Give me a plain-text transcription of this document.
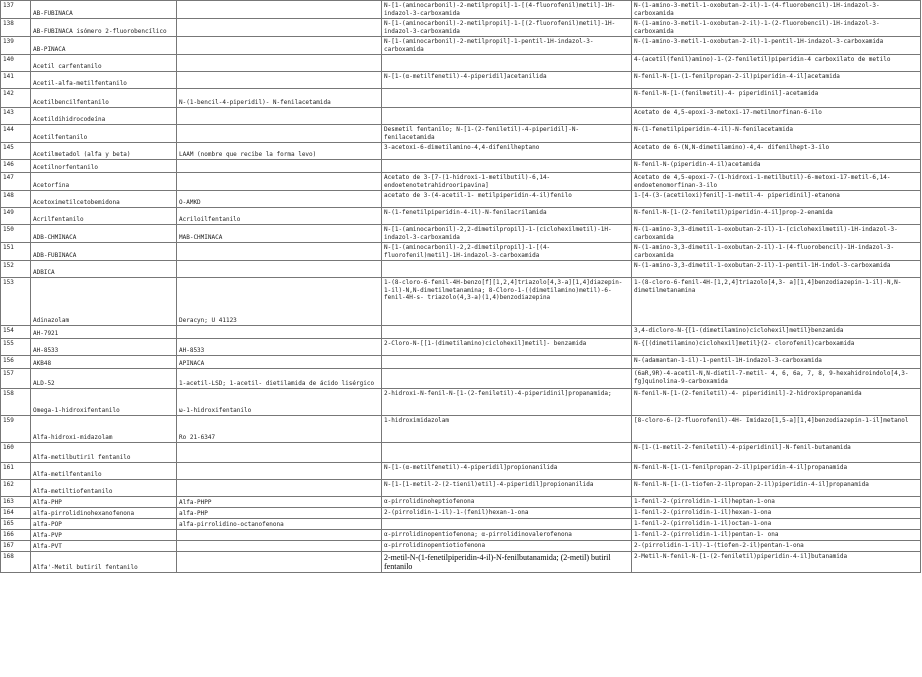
137	AB-FUBINACA		N-[1-(aminocarbonil)-2-metilpropil]-1-[(4-fluorofenil)metil]-1H-indazol-3-carboxamida	N-(1-amino-3-metil-1-oxobutan-2-il)-1-(4-fluorobencil)-1H-indazol-3-carboxamida
138	AB-FUBINACA isómero 2-fluorobencílico		N-[1-(aminocarbonil)-2-metilpropil]-1-[(2-fluorofenil)metil]-1H-indazol-3-carboxamida	N-(1-amino-3-metil-1-oxobutan-2-il)-1-(2-fluorobencil)-1H-indazol-3-carboxamida
139	AB-PINACA		N-[1-(aminocarbonil)-2-metilpropil]-1-pentil-1H-indazol-3-carboxamida	N-(1-amino-3-metil-1-oxobutan-2-il)-1-pentil-1H-indazol-3-carboxamida
140	Acetil carfentanilo			4-(acetil(fenil)amino)-1-(2-feniletil)piperidin-4 carboxilato de metilo
141	Acetil-alfa-metilfentanilo		N-[1-(α-metilfenetil)-4-piperidil]acetanilida	N-fenil-N-[1-(1-fenilpropan-2-il)piperidin-4-il]acetamida
142	Acetilbencilfentanilo	N-(1-bencil-4-piperidil)- N-fenilacetamida		N-fenil-N-[1-(fenilmetil)-4- piperidinil]-acetamida
143	Acetildihidrocodeína			Acetato de 4,5-epoxi-3-metoxi-17-metilmorfinan-6-ilo
144	Acetilfentanilo		Desmetil fentanilo; N-[1-(2-feniletil)-4-piperidil]-N-fenilacetamida	N-(1-fenetilpiperidin-4-il)-N-fenilacetamida
145	Acetilmetadol (alfa y beta)	LAAM (nombre que recibe la forma levo)	3-acetoxi-6-dimetilamino-4,4-difenilheptano	Acetato de 6-(N,N-dimetilamino)-4,4- difenilhept-3-ilo
146	Acetilnorfentanilo			N-fenil-N-(piperidin-4-il)acetamida
147	Acetorfina		Acetato de 3-[7-(1-hidroxi-1-metilbutil)-6,14-endoetenotetrahidrooripavina]	Acetato de 4,5-epoxi-7-(1-hidroxi-1-metilbutil)-6-metoxi-17-metil-6,14-endoetenomorfinan-3-ilo
148	Acetoximetilcetobemidona	O-AMKD	acetato de 3-(4-acetil-1- metilpiperidin-4-il)fenilo	1-[4-(3-(acetiloxi)fenil]-1-metil-4- piperidinil]-etanona
149	Acrilfentanilo	Acriloilfentanilo	N-(1-fenetilpiperidin-4-il)-N-fenilacrilamida	N-fenil-N-[1-(2-feniletil)piperidin-4-il]prop-2-enamida
150	ADB-CHMINACA	MAB-CHMINACA	N-[1-(aminocarbonil)-2,2-dimetilpropil]-1-(ciclohexilmetil)-1H-indazol-3-carboxamida	N-(1-amino-3,3-dimetil-1-oxobutan-2-il)-1-(ciclohexilmetil)-1H-indazol-3-carboxamida
151	ADB-FUBINACA		N-[1-(aminocarbonil)-2,2-dimetilpropil]-1-[(4-fluorofenil)metil]-1H-indazol-3-carboxamida	N-(1-amino-3,3-dimetil-1-oxobutan-2-il)-1-(4-fluorobencil)-1H-indazol-3-carboxamida
152	ADBICA			N-(1-amino-3,3-dimetil-1-oxobutan-2-il)-1-pentil-1H-indol-3-carboxamida
153	Adinazolam	Deracyn; U 41123	1-(8-cloro-6-fenil-4H-benzo[f][1,2,4]triazolo[4,3-a][1,4]diazepin-1-il)-N,N-dimetilmetanamina; 8-Cloro-1-((dimetilamino)metil)-6-fenil-4H-s- triazolo(4,3-a)(1,4)benzodiazepina	1-(8-cloro-6-fenil-4H-[1,2,4]triazolo[4,3- a][1,4]benzodiazepin-1-il)-N,N- dimetilmetanamina
154	AH-7921			3,4-dicloro-N-{[1-(dimetilamino)ciclohexil]metil}benzamida
155	AH-8533	AH-8533	2-Cloro-N-[[1-(dimetilamino)ciclohexil]metil]- benzamida	N-{[(dimetilamino)ciclohexil]metil}(2- clorofenil)carboxamida
156	AKB48	APINACA		N-(adamantan-1-il)-1-pentil-1H-indazol-3-carboxamida
157	ALD-52	1-acetil-LSD; 1-acetil- dietilamida de ácido lisérgico		(6aR,9R)-4-acetil-N,N-dietil-7-metil- 4, 6, 6a, 7, 8, 9-hexahidroindolo[4,3-fg]quinolina-9-carboxamida
158	Omega-1-hidroxifentanilo	ω-1-hidroxifentanilo	2-hidroxi-N-fenil-N-[1-(2-feniletil)-4-piperidinil]propanamida;	N-fenil-N-[1-(2-feniletil)-4- piperidinil]-2-hidroxipropanamida
159	Alfa-hidroxi-midazolam	Ro 21-6347	1-hidroximidazolam	[8-cloro-6-(2-fluorofenil)-4H- Imidazo[1,5-a][1,4]benzodiazepin-1-il]metanol
160	Alfa-metilbutiril fentanilo			N-[1-(1-metil-2-feniletil)-4-piperidinil]-N-fenil-butanamida
161	Alfa-metilfentanilo		N-[1-(α-metilfenetil)-4-piperidil]propionanilida	N-fenil-N-[1-(1-fenilpropan-2-il)piperidin-4-il]propanamida
162	Alfa-metiltiofentanilo		N-[1-[1-metil-2-(2-tienil)etil]-4-piperidil]propionanilida	N-fenil-N-[1-(1-tiofen-2-ilpropan-2-il)piperidin-4-il]propanamida
163	Alfa-PHP	Alfa-PHPP	α-pirrolidinoheptiofenona	1-fenil-2-(pirrolidin-1-il)heptan-1-ona
164	alfa-pirrolidinohexanofenona	alfa-PHP	2-(pirrolidin-1-il)-1-(fenil)hexan-1-ona	1-fenil-2-(pirrolidin-1-il)hexan-1-ona
165	alfa-POP	alfa-pirrolidino-octanofenona		1-fenil-2-(pirrolidin-1-il)octan-1-ona
166	Alfa-PVP		α-pirrolidinopentiofenona; α-pirrolidinovalerofenona	1-fenil-2-(pirrolidin-1-il)pentan-1- ona
167	Alfa-PVT		α-pirrolidinopentiotiofenona	2-(pirrolidin-1-il)-1-(tiofen-2-il)pentan-1-ona
168	Alfa'-Metil butiril fentanilo		2-metil-N-(1-fenetilpiperidin-4-il)-N-fenilbutanamida; (2-metil) butiril fentanilo	2-Metil-N-fenil-N-[1-(2-feniletil)piperidin-4-il]butanamida
